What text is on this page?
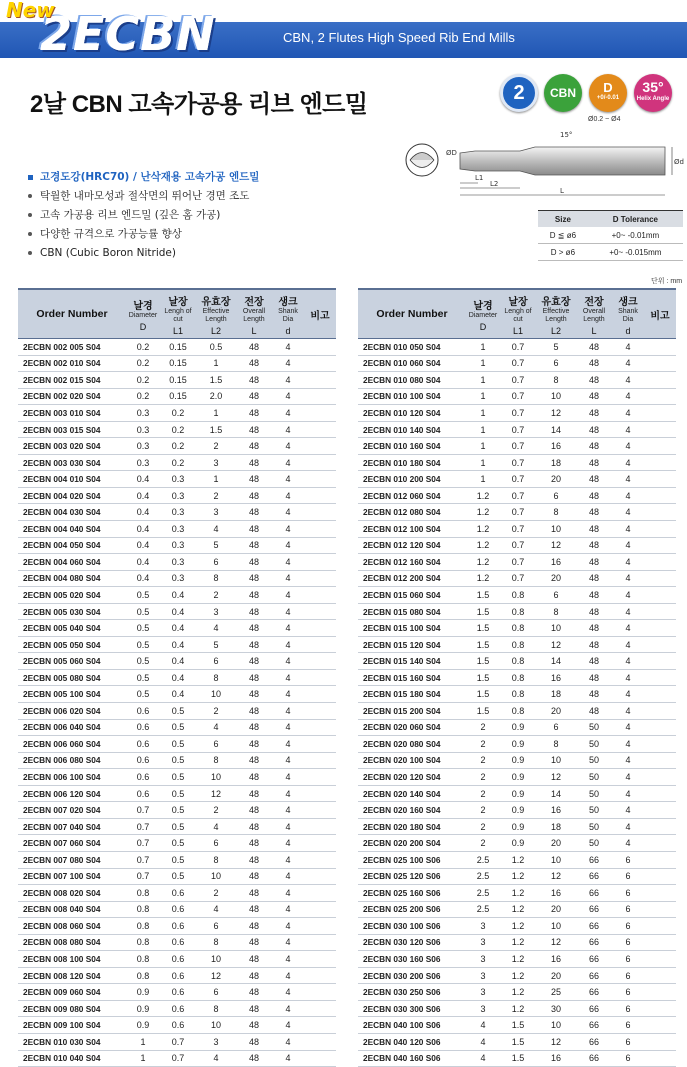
2ECBN
New
CBN, 2 Flutes High Speed Rib End Mills
2날 CBN 고속가공용 리브 엔드밀	2 CBN D
+0/-0.01
35°
Helix Angle
Ø0.2 ~ Ø4
15°
L1
L2
L
Ød
ØD
고경도강(HRC70) / 난삭재용 고속가공 엔드밀
탁월한 내마모성과 절삭면의 뛰어난 경면 조도
고속 가공용 리브 엔드밀 (깊은 홈 가공)
다양한 규격으로 가공능률 향상
CBN (Cubic Boron Nitride)
Size	D Tolerance
D ≦ ø6	+0~ -0.01mm
D > ø6	+0~ -0.015mm
단위 : mm
Order Number	날경
Diameter
D	날장
Lengh of cut
L1	유효장
Effective Length
L2	전장
Overall Length
L	생크
Shank Dia
d	비고

2ECBN 002 005 S04	0.2	0.15	0.5	48	4	
2ECBN 002 010 S04	0.2	0.15	1	48	4	
2ECBN 002 015 S04	0.2	0.15	1.5	48	4	
2ECBN 002 020 S04	0.2	0.15	2.0	48	4	
2ECBN 003 010 S04	0.3	0.2	1	48	4	
2ECBN 003 015 S04	0.3	0.2	1.5	48	4	
2ECBN 003 020 S04	0.3	0.2	2	48	4	
2ECBN 003 030 S04	0.3	0.2	3	48	4	
2ECBN 004 010 S04	0.4	0.3	1	48	4	
2ECBN 004 020 S04	0.4	0.3	2	48	4	
2ECBN 004 030 S04	0.4	0.3	3	48	4	
2ECBN 004 040 S04	0.4	0.3	4	48	4	
2ECBN 004 050 S04	0.4	0.3	5	48	4	
2ECBN 004 060 S04	0.4	0.3	6	48	4	
2ECBN 004 080 S04	0.4	0.3	8	48	4	
2ECBN 005 020 S04	0.5	0.4	2	48	4	
2ECBN 005 030 S04	0.5	0.4	3	48	4	
2ECBN 005 040 S04	0.5	0.4	4	48	4	
2ECBN 005 050 S04	0.5	0.4	5	48	4	
2ECBN 005 060 S04	0.5	0.4	6	48	4	
2ECBN 005 080 S04	0.5	0.4	8	48	4	
2ECBN 005 100 S04	0.5	0.4	10	48	4	
2ECBN 006 020 S04	0.6	0.5	2	48	4	
2ECBN 006 040 S04	0.6	0.5	4	48	4	
2ECBN 006 060 S04	0.6	0.5	6	48	4	
2ECBN 006 080 S04	0.6	0.5	8	48	4	
2ECBN 006 100 S04	0.6	0.5	10	48	4	
2ECBN 006 120 S04	0.6	0.5	12	48	4	
2ECBN 007 020 S04	0.7	0.5	2	48	4	
2ECBN 007 040 S04	0.7	0.5	4	48	4	
2ECBN 007 060 S04	0.7	0.5	6	48	4	
2ECBN 007 080 S04	0.7	0.5	8	48	4	
2ECBN 007 100 S04	0.7	0.5	10	48	4	
2ECBN 008 020 S04	0.8	0.6	2	48	4	
2ECBN 008 040 S04	0.8	0.6	4	48	4	
2ECBN 008 060 S04	0.8	0.6	6	48	4	
2ECBN 008 080 S04	0.8	0.6	8	48	4	
2ECBN 008 100 S04	0.8	0.6	10	48	4	
2ECBN 008 120 S04	0.8	0.6	12	48	4	
2ECBN 009 060 S04	0.9	0.6	6	48	4	
2ECBN 009 080 S04	0.9	0.6	8	48	4	
2ECBN 009 100 S04	0.9	0.6	10	48	4	
2ECBN 010 030 S04	1	0.7	3	48	4	
2ECBN 010 040 S04	1	0.7	4	48	4	
Order Number	날경
Diameter
D	날장
Lengh of cut
L1	유효장
Effective Length
L2	전장
Overall Length
L	생크
Shank Dia
d	비고

2ECBN 010 050 S04	1	0.7	5	48	4	
2ECBN 010 060 S04	1	0.7	6	48	4	
2ECBN 010 080 S04	1	0.7	8	48	4	
2ECBN 010 100 S04	1	0.7	10	48	4	
2ECBN 010 120 S04	1	0.7	12	48	4	
2ECBN 010 140 S04	1	0.7	14	48	4	
2ECBN 010 160 S04	1	0.7	16	48	4	
2ECBN 010 180 S04	1	0.7	18	48	4	
2ECBN 010 200 S04	1	0.7	20	48	4	
2ECBN 012 060 S04	1.2	0.7	6	48	4	
2ECBN 012 080 S04	1.2	0.7	8	48	4	
2ECBN 012 100 S04	1.2	0.7	10	48	4	
2ECBN 012 120 S04	1.2	0.7	12	48	4	
2ECBN 012 160 S04	1.2	0.7	16	48	4	
2ECBN 012 200 S04	1.2	0.7	20	48	4	
2ECBN 015 060 S04	1.5	0.8	6	48	4	
2ECBN 015 080 S04	1.5	0.8	8	48	4	
2ECBN 015 100 S04	1.5	0.8	10	48	4	
2ECBN 015 120 S04	1.5	0.8	12	48	4	
2ECBN 015 140 S04	1.5	0.8	14	48	4	
2ECBN 015 160 S04	1.5	0.8	16	48	4	
2ECBN 015 180 S04	1.5	0.8	18	48	4	
2ECBN 015 200 S04	1.5	0.8	20	48	4	
2ECBN 020 060 S04	2	0.9	6	50	4	
2ECBN 020 080 S04	2	0.9	8	50	4	
2ECBN 020 100 S04	2	0.9	10	50	4	
2ECBN 020 120 S04	2	0.9	12	50	4	
2ECBN 020 140 S04	2	0.9	14	50	4	
2ECBN 020 160 S04	2	0.9	16	50	4	
2ECBN 020 180 S04	2	0.9	18	50	4	
2ECBN 020 200 S04	2	0.9	20	50	4	
2ECBN 025 100 S06	2.5	1.2	10	66	6	
2ECBN 025 120 S06	2.5	1.2	12	66	6	
2ECBN 025 160 S06	2.5	1.2	16	66	6	
2ECBN 025 200 S06	2.5	1.2	20	66	6	
2ECBN 030 100 S06	3	1.2	10	66	6	
2ECBN 030 120 S06	3	1.2	12	66	6	
2ECBN 030 160 S06	3	1.2	16	66	6	
2ECBN 030 200 S06	3	1.2	20	66	6	
2ECBN 030 250 S06	3	1.2	25	66	6	
2ECBN 030 300 S06	3	1.2	30	66	6	
2ECBN 040 100 S06	4	1.5	10	66	6	
2ECBN 040 120 S06	4	1.5	12	66	6	
2ECBN 040 160 S06	4	1.5	16	66	6	
